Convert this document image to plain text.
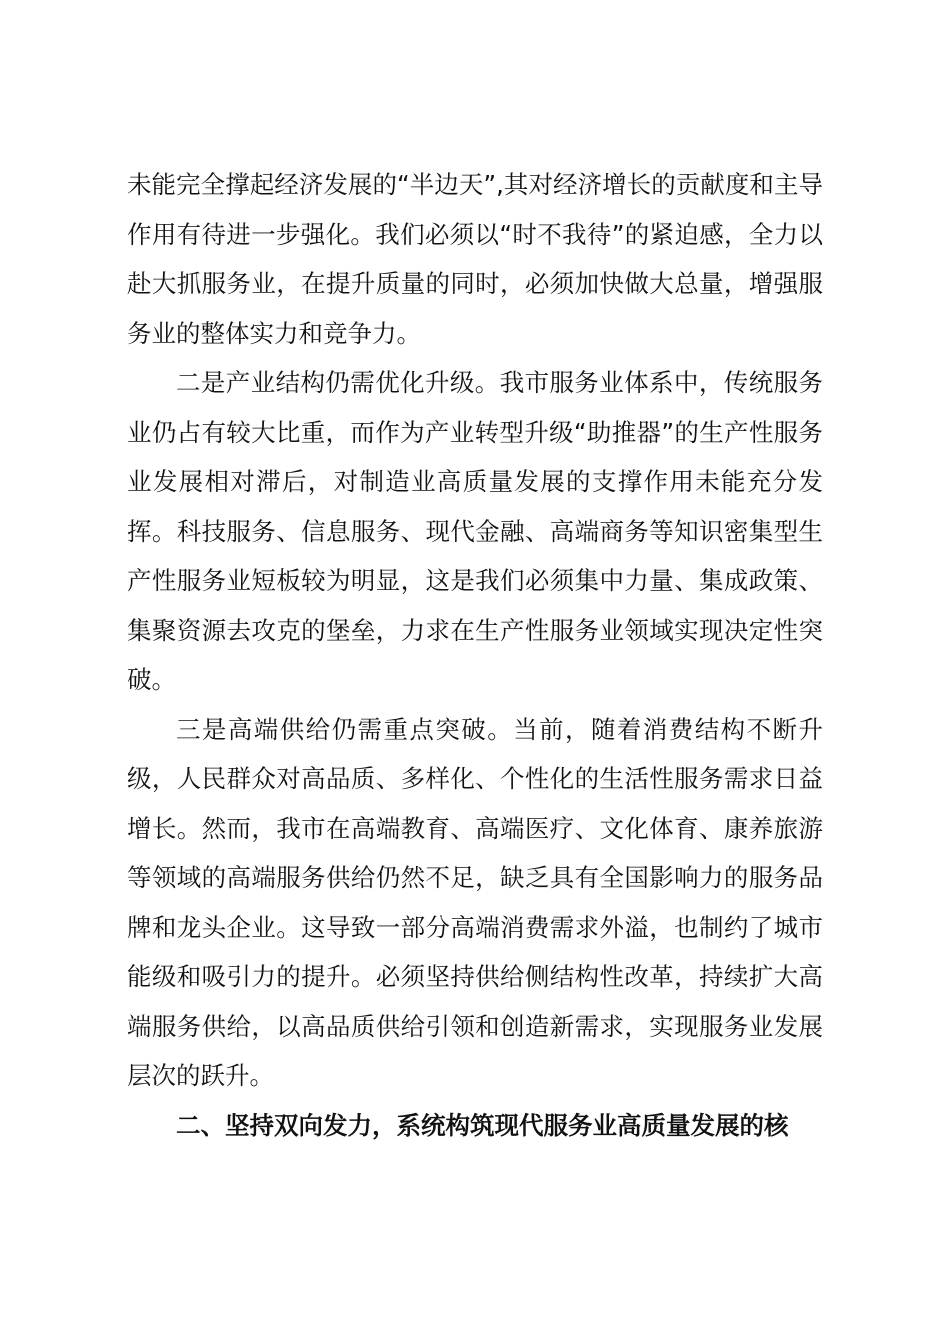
未能完全撑起经济发展的“半边天”,其对经济增长的贡献度和主导作用有待进一步强化。我们必须以“时不我待”的紧迫感，全力以赴大抓服务业，在提升质量的同时，必须加快做大总量，增强服务业的整体实力和竞争力。

二是产业结构仍需优化升级。我市服务业体系中，传统服务业仍占有较大比重，而作为产业转型升级“助推器”的生产性服务业发展相对滞后，对制造业高质量发展的支撑作用未能充分发挥。科技服务、信息服务、现代金融、高端商务等知识密集型生产性服务业短板较为明显，这是我们必须集中力量、集成政策、集聚资源去攻克的堡垒，力求在生产性服务业领域实现决定性突破。

三是高端供给仍需重点突破。当前，随着消费结构不断升级，人民群众对高品质、多样化、个性化的生活性服务需求日益增长。然而，我市在高端教育、高端医疗、文化体育、康养旅游等领域的高端服务供给仍然不足，缺乏具有全国影响力的服务品牌和龙头企业。这导致一部分高端消费需求外溢，也制约了城市能级和吸引力的提升。必须坚持供给侧结构性改革，持续扩大高端服务供给，以高品质供给引领和创造新需求，实现服务业发展层次的跃升。

二、坚持双向发力，系统构筑现代服务业高质量发展的核
